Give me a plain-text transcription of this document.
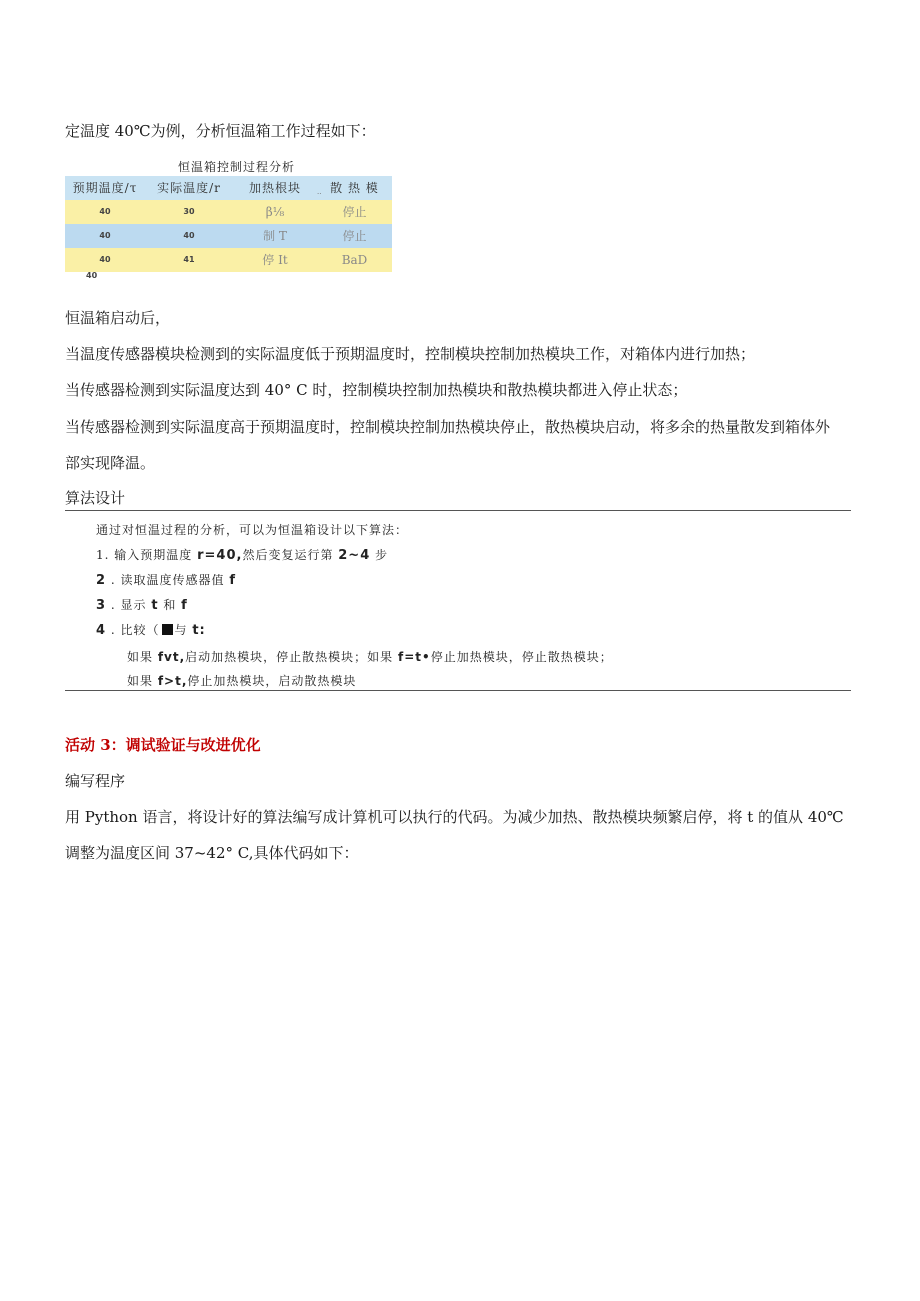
定温度 40℃为例，分析恒温箱工作过程如下：
恒温箱控制过程分析
预期温度/τ	实际温度/r	加热根块	散 热 模
..
40	30	β⅛	停止
40	40	制 T	停止
40	41	停 It	BaD
40
恒温箱启动后，
当温度传感器模块检测到的实际温度低于预期温度时，控制模块控制加热模块工作，对箱体内进行加热；
当传感器检测到实际温度达到 40° C 时，控制模块控制加热模块和散热模块都进入停止状态；
当传感器检测到实际温度高于预期温度时，控制模块控制加热模块停止，散热模块启动，将多余的热量散发到箱体外
部实现降温。
算法设计
通过对恒温过程的分析，可以为恒温箱设计以下算法：
1. 输入预期温度 r=40,然后变复运行第 2~4 步
2 . 读取温度传感器值 f
3 . 显示 t 和 f
4 . 比较（ 与 t:
如果 fvt,启动加热模块，停止散热模块；如果 f=t•停止加热模块，停止散热模块；
如果 f>t,停止加热模块，启动散热模块
活动 3：调试验证与改进优化
编写程序
用 Python 语言，将设计好的算法编写成计算机可以执行的代码。为减少加热、散热模块频繁启停，将 t 的值从 40℃
调整为温度区间 37~42° C,具体代码如下：
